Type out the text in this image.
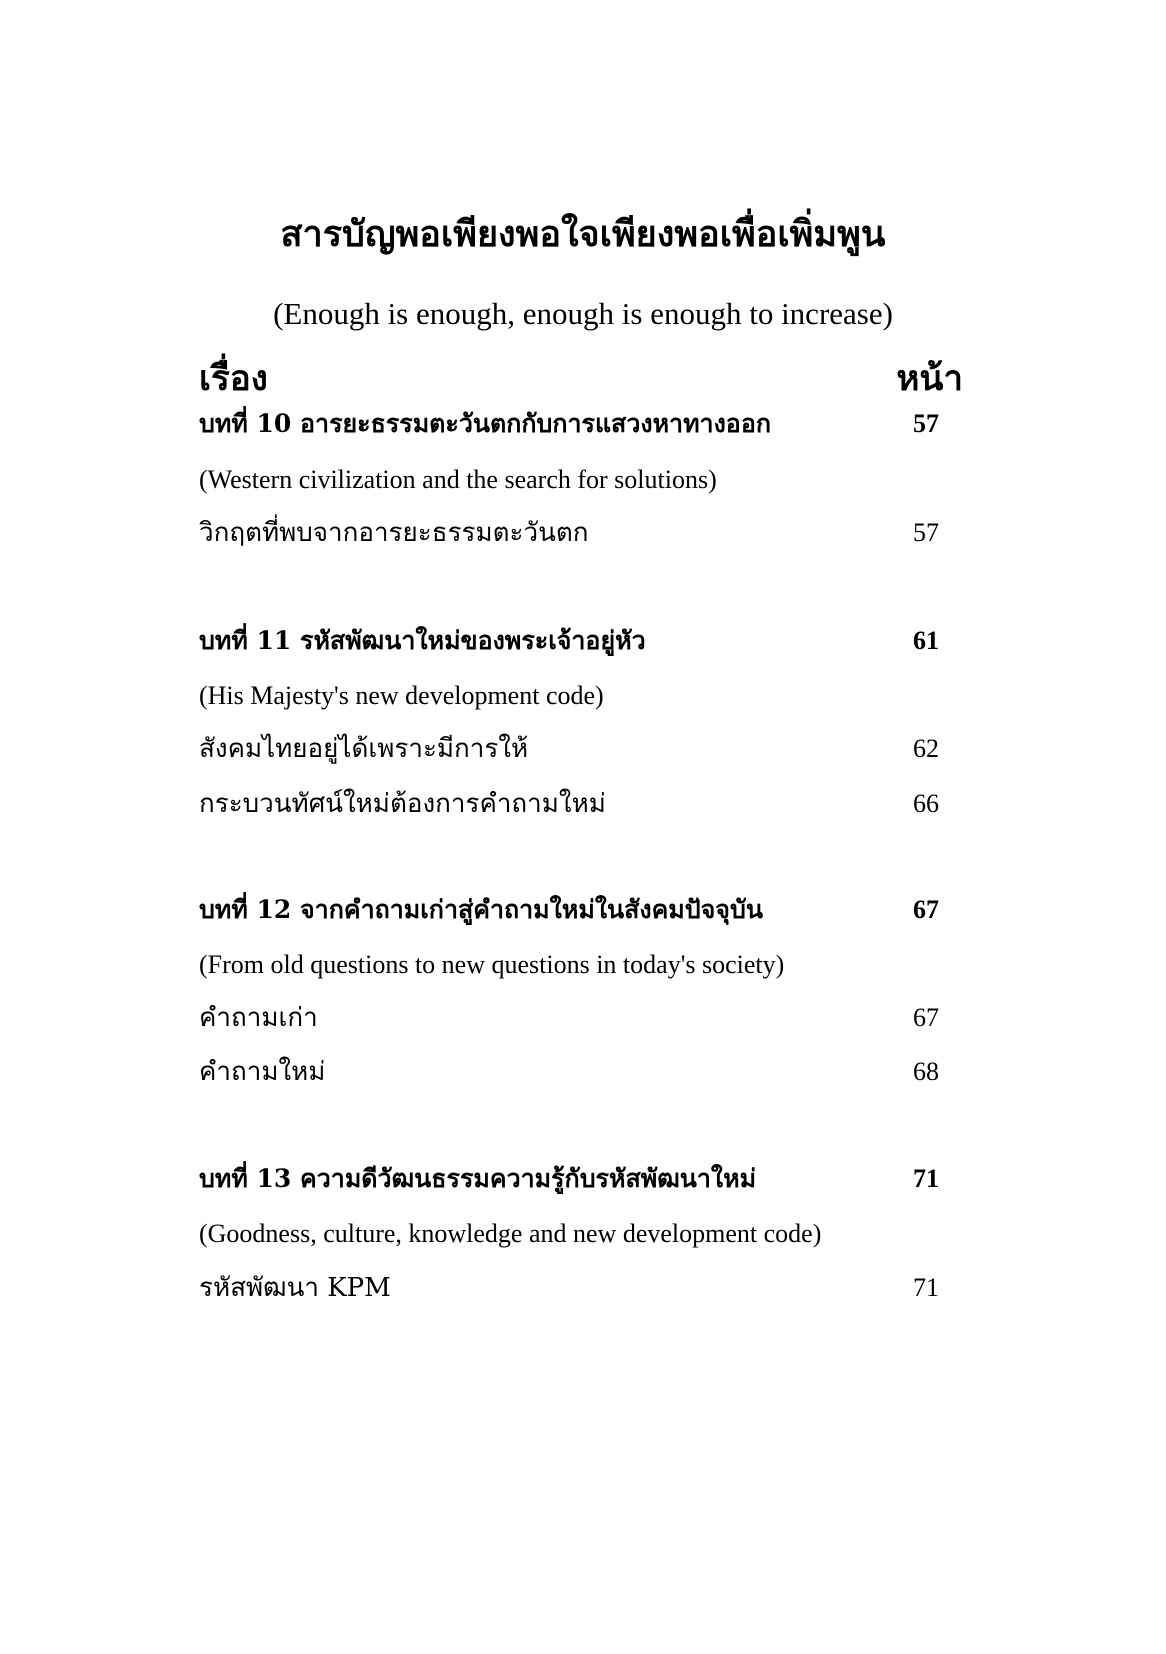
สารบัญพอเพียงพอใจเพียงพอเพื่อเพิ่มพูน

(Enough is enough, enough is enough to increase)

เรื่อง	หน้า
บทที่ 10 อารยะธรรมตะวันตกกับการแสวงหาทางออก	57
(Western civilization and the search for solutions)
วิกฤตที่พบจากอารยะธรรมตะวันตก	57
บทที่ 11 รหัสพัฒนาใหม่ของพระเจ้าอยู่หัว	61
(His Majesty's new development code)
สังคมไทยอยู่ได้เพราะมีการให้	62
กระบวนทัศน์ใหม่ต้องการคำถามใหม่	66
บทที่ 12 จากคำถามเก่าสู่คำถามใหม่ในสังคมปัจจุบัน	67
(From old questions to new questions in today's society)
คำถามเก่า	67
คำถามใหม่	68
บทที่ 13 ความดีวัฒนธรรมความรู้กับรหัสพัฒนาใหม่	71
(Goodness, culture, knowledge and new development code)
รหัสพัฒนา KPM	71
